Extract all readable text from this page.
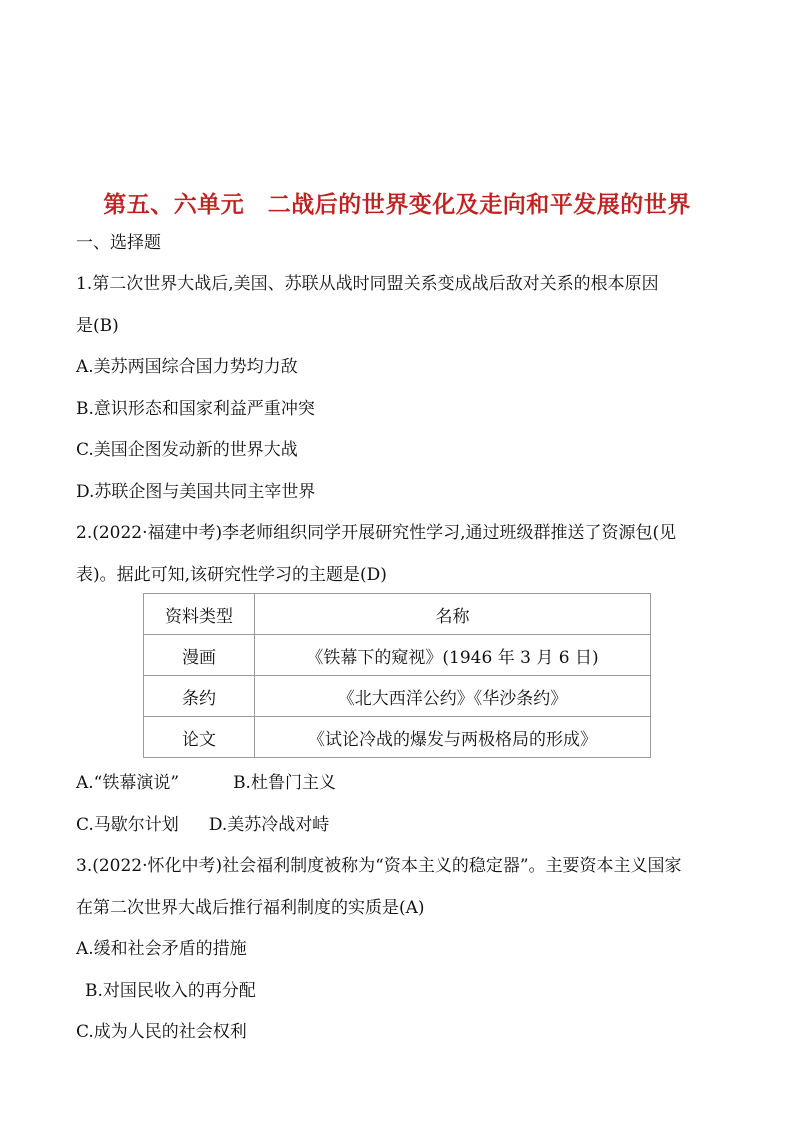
第五、六单元　二战后的世界变化及走向和平发展的世界
一、选择题
1.第二次世界大战后,美国、苏联从战时同盟关系变成战后敌对关系的根本原因
是(B)
A.美苏两国综合国力势均力敌
B.意识形态和国家利益严重冲突
C.美国企图发动新的世界大战
D.苏联企图与美国共同主宰世界
2.(2022·福建中考)李老师组织同学开展研究性学习,通过班级群推送了资源包(见
表)。据此可知,该研究性学习的主题是(D)
资料类型	名称
漫画	《铁幕下的窥视》(1946 年 3 月 6 日)
条约	《北大西洋公约》《华沙条约》
论文	《试论冷战的爆发与两极格局的形成》
A.“铁幕演说”	B.杜鲁门主义
C.马歇尔计划 D.美苏冷战对峙
3.(2022·怀化中考)社会福利制度被称为“资本主义的稳定器”。主要资本主义国家
在第二次世界大战后推行福利制度的实质是(A)
A.缓和社会矛盾的措施
B.对国民收入的再分配
C.成为人民的社会权利
